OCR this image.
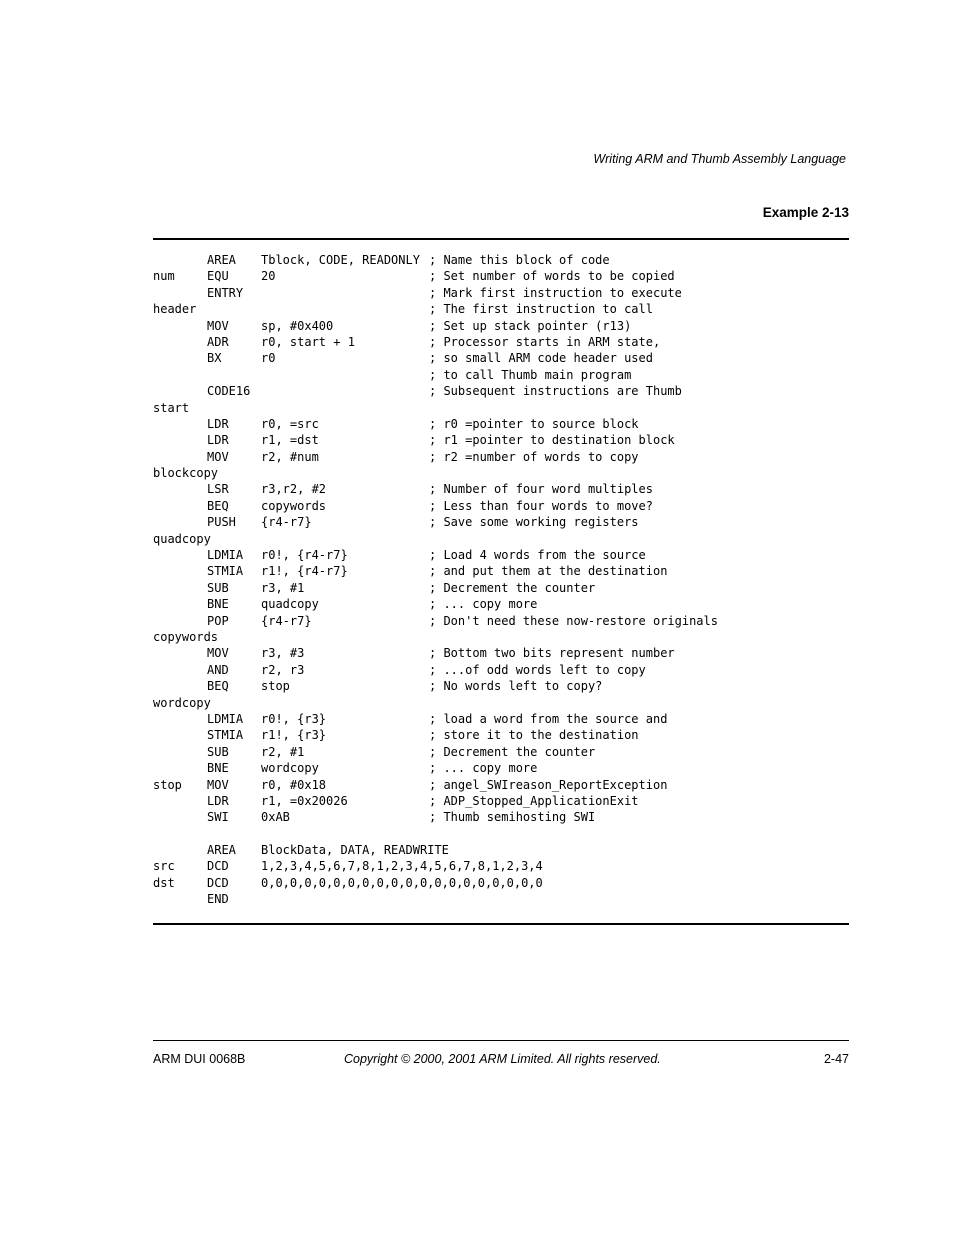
Writing ARM and Thumb Assembly Language
Example 2-13
AREA Tblock, CODE, READONLY ; Name this block of code
num	EQU	20	; Set number of words to be copied
ENTRY	; Mark first instruction to execute
header	; The first instruction to call
MOV	sp, #0x400	; Set up stack pointer (r13)
ADR	r0, start + 1	; Processor starts in ARM state,
BX	r0	; so small ARM code header used
; to call Thumb main program
CODE16	; Subsequent instructions are Thumb
start
LDR	r0, =src	; r0 =pointer to source block
LDR	r1, =dst	; r1 =pointer to destination block
MOV	r2, #num	; r2 =number of words to copy
blockcopy
LSR	r3,r2, #2	; Number of four word multiples
BEQ	copywords	; Less than four words to move?
PUSH {r4-r7}	; Save some working registers
quadcopy
LDMIA r0!, {r4-r7}	; Load 4 words from the source
STMIA r1!, {r4-r7}	; and put them at the destination
SUB	r3, #1	; Decrement the counter
BNE	quadcopy	; ... copy more
POP	{r4-r7}	; Don't need these now-restore originals
copywords
MOV	r3, #3	; Bottom two bits represent number
AND	r2, r3	; ...of odd words left to copy
BEQ	stop	; No words left to copy?
wordcopy
LDMIA r0!, {r3}	; load a word from the source and
STMIA r1!, {r3}	; store it to the destination
SUB	r2, #1	; Decrement the counter
BNE	wordcopy	; ... copy more
stop MOV	r0, #0x18	; angel_SWIreason_ReportException
LDR	r1, =0x20026	; ADP_Stopped_ApplicationExit
SWI	0xAB	; Thumb semihosting SWI
AREA BlockData, DATA, READWRITE
src	DCD	1,2,3,4,5,6,7,8,1,2,3,4,5,6,7,8,1,2,3,4
dst	DCD	0,0,0,0,0,0,0,0,0,0,0,0,0,0,0,0,0,0,0,0
END
ARM DUI 0068B	Copyright © 2000, 2001 ARM Limited. All rights reserved.	2-47
